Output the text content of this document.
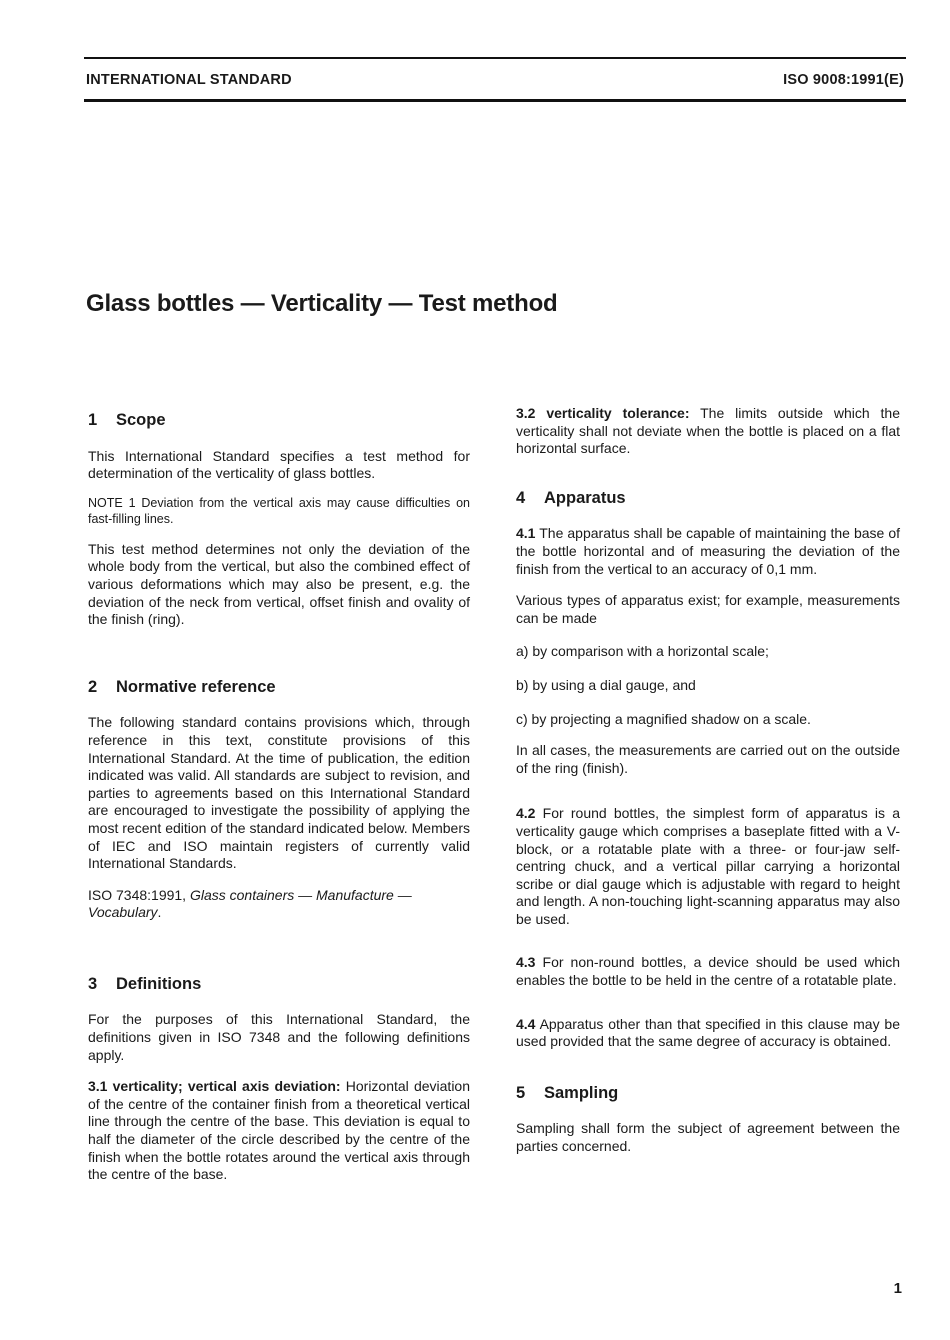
INTERNATIONAL STANDARD	ISO 9008:1991(E)
Glass bottles — Verticality — Test method
1 Scope

This International Standard specifies a test method for determination of the verticality of glass bottles.

NOTE 1 Deviation from the vertical axis may cause difficulties on fast-filling lines.

This test method determines not only the deviation of the whole body from the vertical, but also the combined effect of various deformations which may also be present, e.g. the deviation of the neck from vertical, offset finish and ovality of the finish (ring).

2 Normative reference

The following standard contains provisions which, through reference in this text, constitute provisions of this International Standard. At the time of publication, the edition indicated was valid. All standards are subject to revision, and parties to agreements based on this International Standard are encouraged to investigate the possibility of applying the most recent edition of the standard indicated below. Members of IEC and ISO maintain registers of currently valid International Standards.

ISO 7348:1991, Glass containers — Manufacture — Vocabulary.

3 Definitions

For the purposes of this International Standard, the definitions given in ISO 7348 and the following definitions apply.

3.1 verticality; vertical axis deviation: Horizontal deviation of the centre of the container finish from a theoretical vertical line through the centre of the base. This deviation is equal to half the diameter of the circle described by the centre of the finish when the bottle rotates around the vertical axis through the centre of the base.

3.2 verticality tolerance: The limits outside which the verticality shall not deviate when the bottle is placed on a flat horizontal surface.

4 Apparatus

4.1 The apparatus shall be capable of maintaining the base of the bottle horizontal and of measuring the deviation of the finish from the vertical to an accuracy of 0,1 mm.

Various types of apparatus exist; for example, measurements can be made

a) by comparison with a horizontal scale;

b) by using a dial gauge, and

c) by projecting a magnified shadow on a scale.

In all cases, the measurements are carried out on the outside of the ring (finish).

4.2 For round bottles, the simplest form of apparatus is a verticality gauge which comprises a baseplate fitted with a V-block, or a rotatable plate with a three- or four-jaw self-centring chuck, and a vertical pillar carrying a horizontal scribe or dial gauge which is adjustable with regard to height and length. A non-touching light-scanning apparatus may also be used.

4.3 For non-round bottles, a device should be used which enables the bottle to be held in the centre of a rotatable plate.

4.4 Apparatus other than that specified in this clause may be used provided that the same degree of accuracy is obtained.

5 Sampling

Sampling shall form the subject of agreement between the parties concerned.

1
